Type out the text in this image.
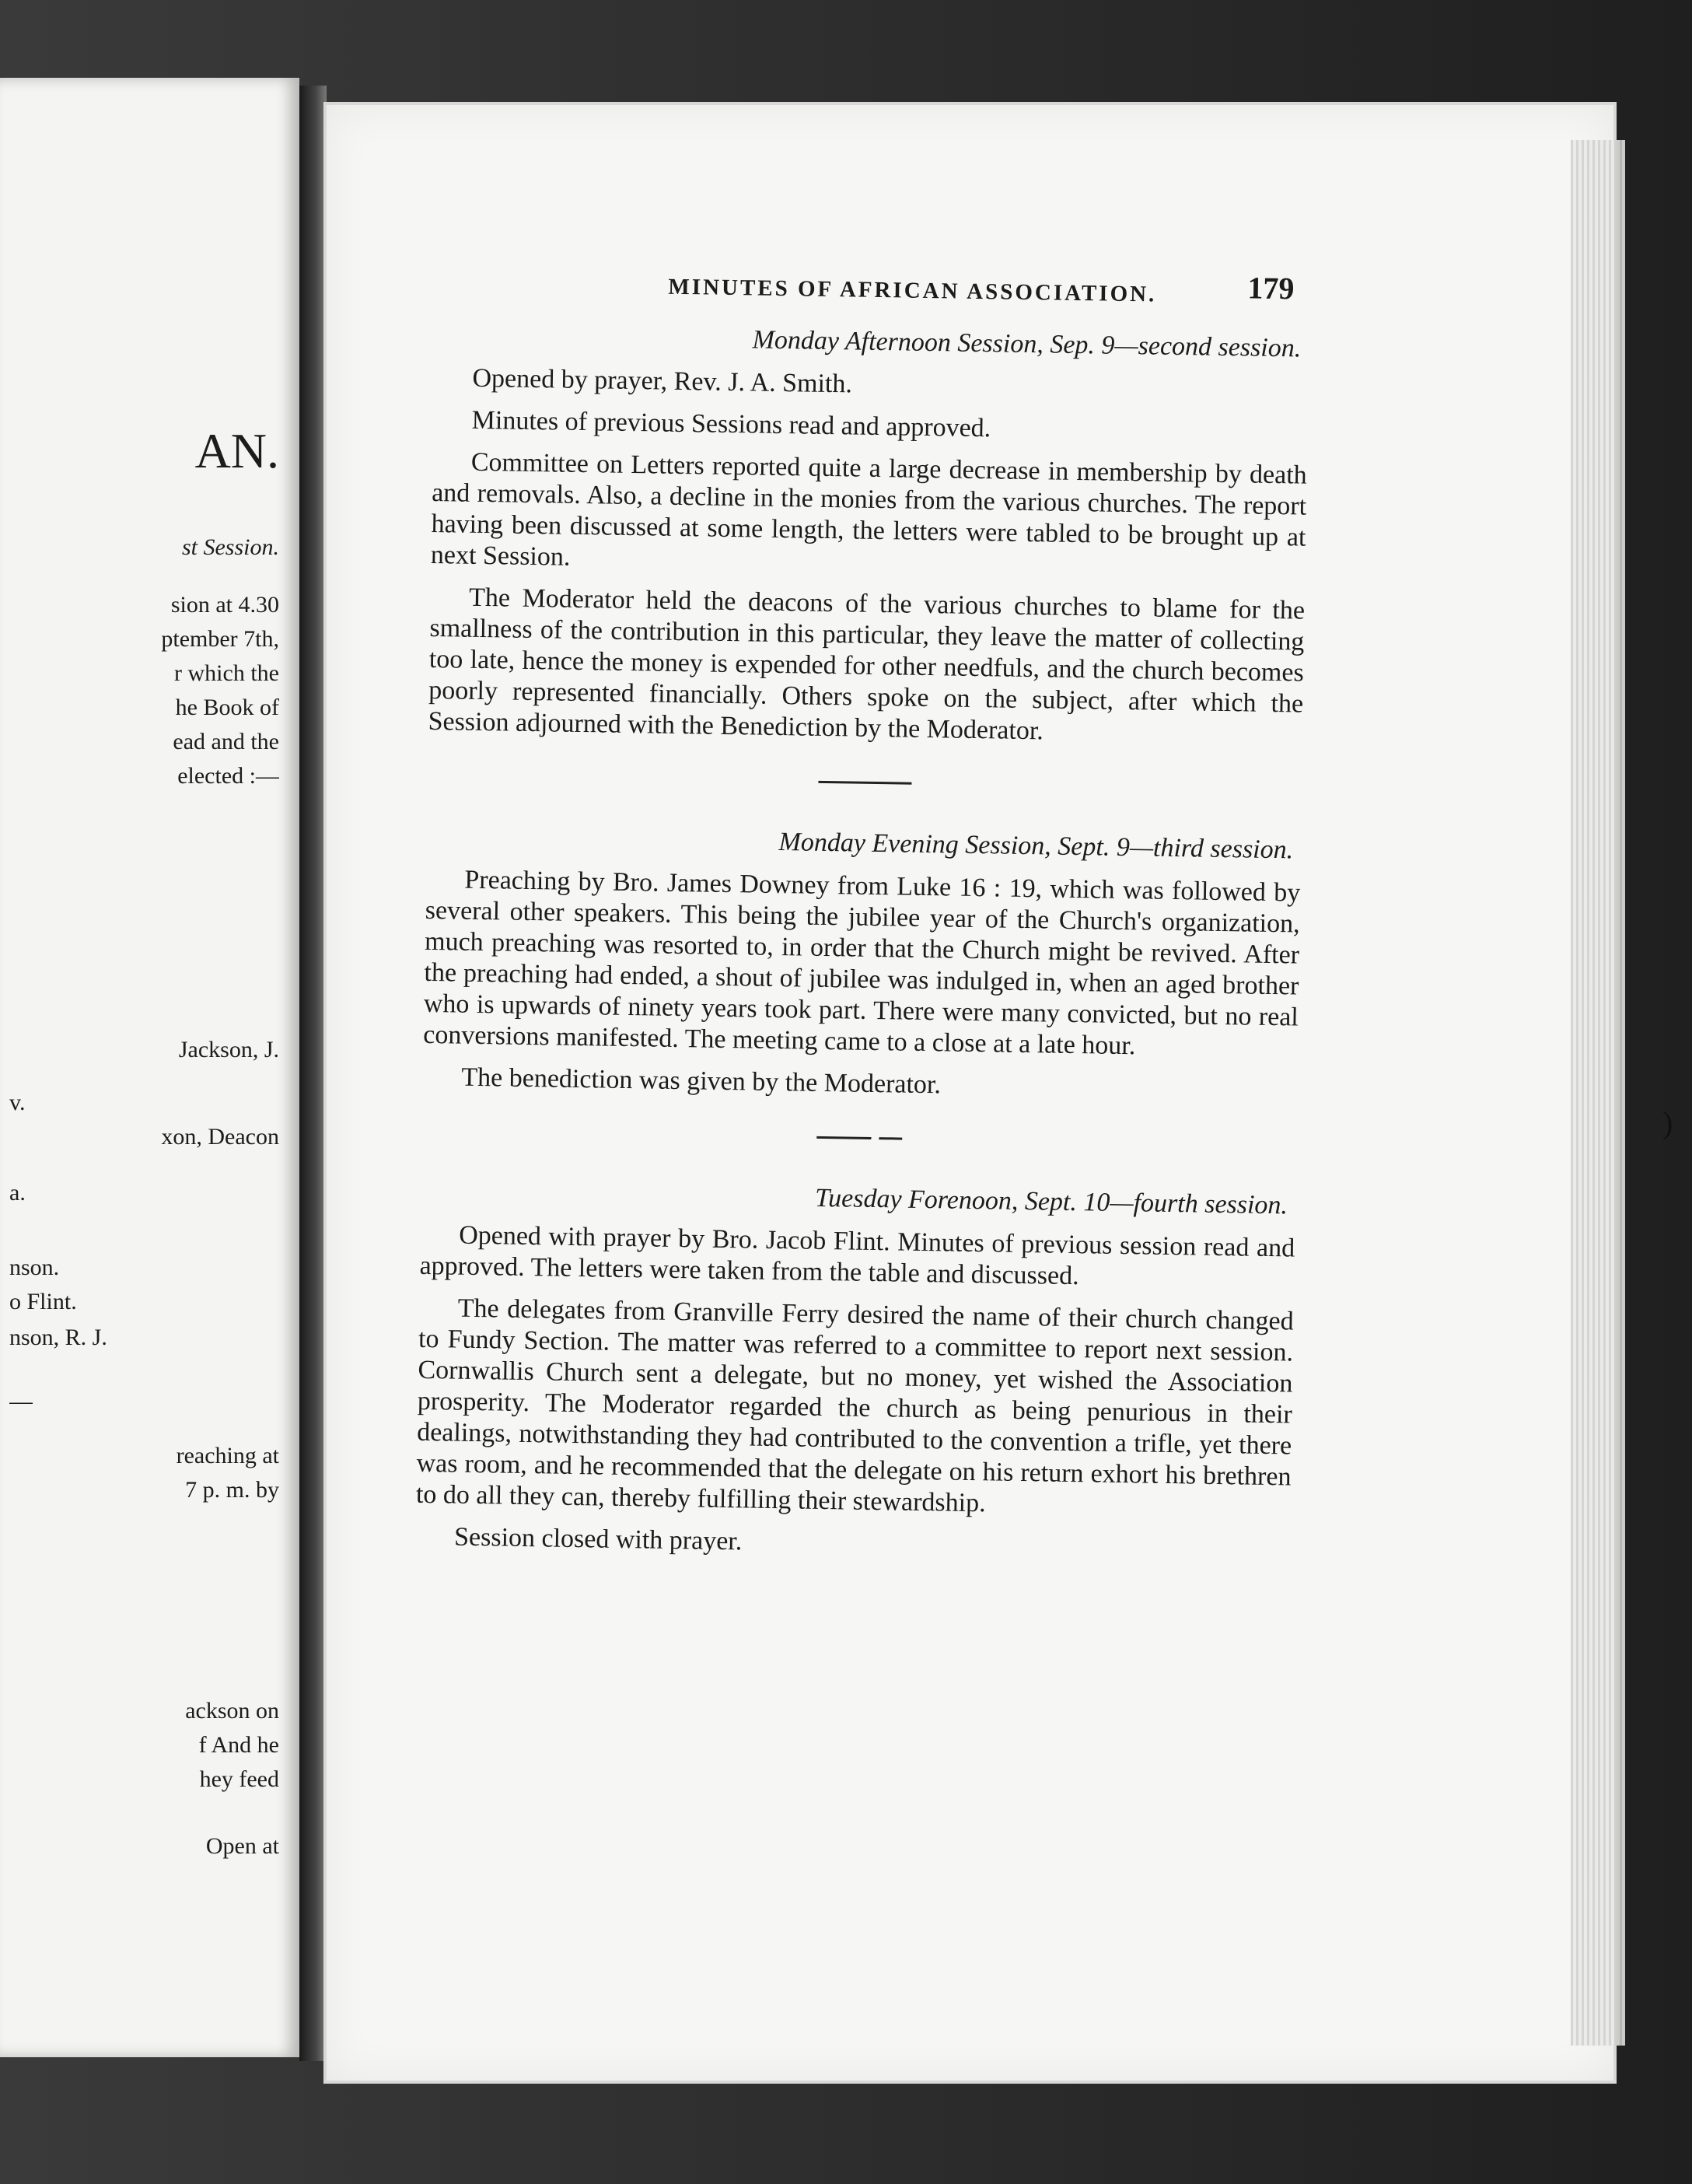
AN.
st Session.
sion at 4.30
ptember 7th,
r which the
he Book of
ead and the
elected :—
Jackson, J.
v.
xon, Deacon
a.
nson.
o Flint.
nson, R. J.
—
reaching at
7 p. m. by
ackson on
f And he
hey feed
Open at
MINUTES OF AFRICAN ASSOCIATION.	179
Monday Afternoon Session, Sep. 9—second session.

Opened by prayer, Rev. J. A. Smith.

Minutes of previous Sessions read and approved.

Committee on Letters reported quite a large decrease in membership by death and removals. Also, a decline in the monies from the various churches. The report having been discussed at some length, the letters were tabled to be brought up at next Session.

The Moderator held the deacons of the various churches to blame for the smallness of the contribution in this particular, they leave the matter of collecting too late, hence the money is expended for other needfuls, and the church becomes poorly represented financially. Others spoke on the subject, after which the Session adjourned with the Benediction by the Moderator.

Monday Evening Session, Sept. 9—third session.

Preaching by Bro. James Downey from Luke 16 : 19, which was followed by several other speakers. This being the jubilee year of the Church's organization, much preaching was resorted to, in order that the Church might be revived. After the preaching had ended, a shout of jubilee was indulged in, when an aged brother who is upwards of ninety years took part. There were many convicted, but no real conversions manifested. The meeting came to a close at a late hour.

The benediction was given by the Moderator.

Tuesday Forenoon, Sept. 10—fourth session.

Opened with prayer by Bro. Jacob Flint. Minutes of previous session read and approved. The letters were taken from the table and discussed.

The delegates from Granville Ferry desired the name of their church changed to Fundy Section. The matter was referred to a committee to report next session. Cornwallis Church sent a delegate, but no money, yet wished the Association prosperity. The Moderator regarded the church as being penurious in their dealings, notwithstanding they had contributed to the convention a trifle, yet there was room, and he recommended that the delegate on his return exhort his brethren to do all they can, thereby fulfilling their stewardship.

Session closed with prayer.

)
